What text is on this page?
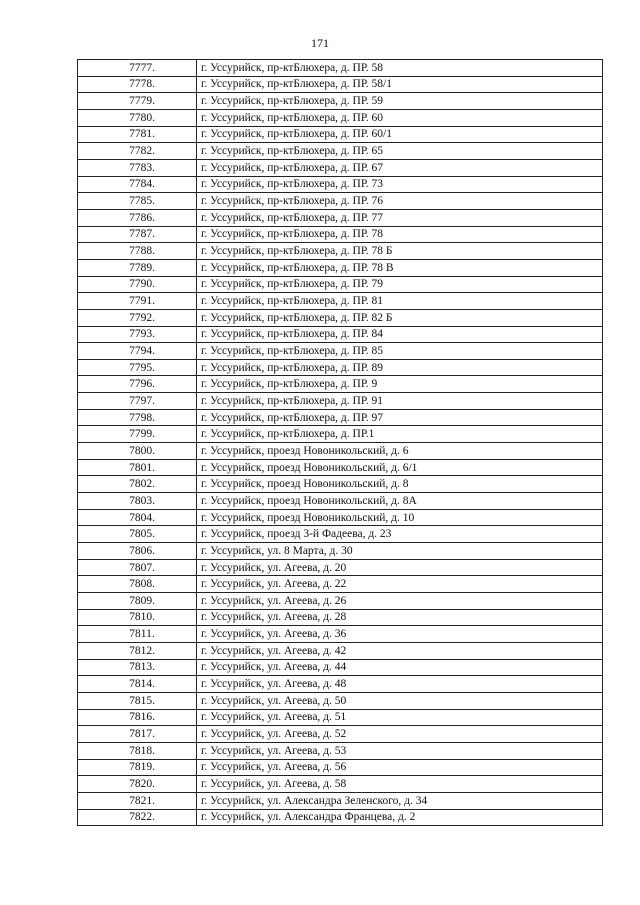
171
7777.	г. Уссурийск, пр-ктБлюхера, д. ПР. 58
7778.	г. Уссурийск, пр-ктБлюхера, д. ПР. 58/1
7779.	г. Уссурийск, пр-ктБлюхера, д. ПР. 59
7780.	г. Уссурийск, пр-ктБлюхера, д. ПР. 60
7781.	г. Уссурийск, пр-ктБлюхера, д. ПР. 60/1
7782.	г. Уссурийск, пр-ктБлюхера, д. ПР. 65
7783.	г. Уссурийск, пр-ктБлюхера, д. ПР. 67
7784.	г. Уссурийск, пр-ктБлюхера, д. ПР. 73
7785.	г. Уссурийск, пр-ктБлюхера, д. ПР. 76
7786.	г. Уссурийск, пр-ктБлюхера, д. ПР. 77
7787.	г. Уссурийск, пр-ктБлюхера, д. ПР. 78
7788.	г. Уссурийск, пр-ктБлюхера, д. ПР. 78 Б
7789.	г. Уссурийск, пр-ктБлюхера, д. ПР. 78 В
7790.	г. Уссурийск, пр-ктБлюхера, д. ПР. 79
7791.	г. Уссурийск, пр-ктБлюхера, д. ПР. 81
7792.	г. Уссурийск, пр-ктБлюхера, д. ПР. 82 Б
7793.	г. Уссурийск, пр-ктБлюхера, д. ПР. 84
7794.	г. Уссурийск, пр-ктБлюхера, д. ПР. 85
7795.	г. Уссурийск, пр-ктБлюхера, д. ПР. 89
7796.	г. Уссурийск, пр-ктБлюхера, д. ПР. 9
7797.	г. Уссурийск, пр-ктБлюхера, д. ПР. 91
7798.	г. Уссурийск, пр-ктБлюхера, д. ПР. 97
7799.	г. Уссурийск, пр-ктБлюхера, д. ПР.1
7800.	г. Уссурийск, проезд Новоникольский, д. 6
7801.	г. Уссурийск, проезд Новоникольский, д. 6/1
7802.	г. Уссурийск, проезд Новоникольский, д. 8
7803.	г. Уссурийск, проезд Новоникольский, д. 8А
7804.	г. Уссурийск, проезд Новоникольский, д. 10
7805.	г. Уссурийск, проезд 3-й Фадеева, д. 23
7806.	г. Уссурийск, ул. 8 Марта, д. 30
7807.	г. Уссурийск, ул. Агеева, д. 20
7808.	г. Уссурийск, ул. Агеева, д. 22
7809.	г. Уссурийск, ул. Агеева, д. 26
7810.	г. Уссурийск, ул. Агеева, д. 28
7811.	г. Уссурийск, ул. Агеева, д. 36
7812.	г. Уссурийск, ул. Агеева, д. 42
7813.	г. Уссурийск, ул. Агеева, д. 44
7814.	г. Уссурийск, ул. Агеева, д. 48
7815.	г. Уссурийск, ул. Агеева, д. 50
7816.	г. Уссурийск, ул. Агеева, д. 51
7817.	г. Уссурийск, ул. Агеева, д. 52
7818.	г. Уссурийск, ул. Агеева, д. 53
7819.	г. Уссурийск, ул. Агеева, д. 56
7820.	г. Уссурийск, ул. Агеева, д. 58
7821.	г. Уссурийск, ул. Александра Зеленского, д. 34
7822.	г. Уссурийск, ул. Александра Францева, д. 2
